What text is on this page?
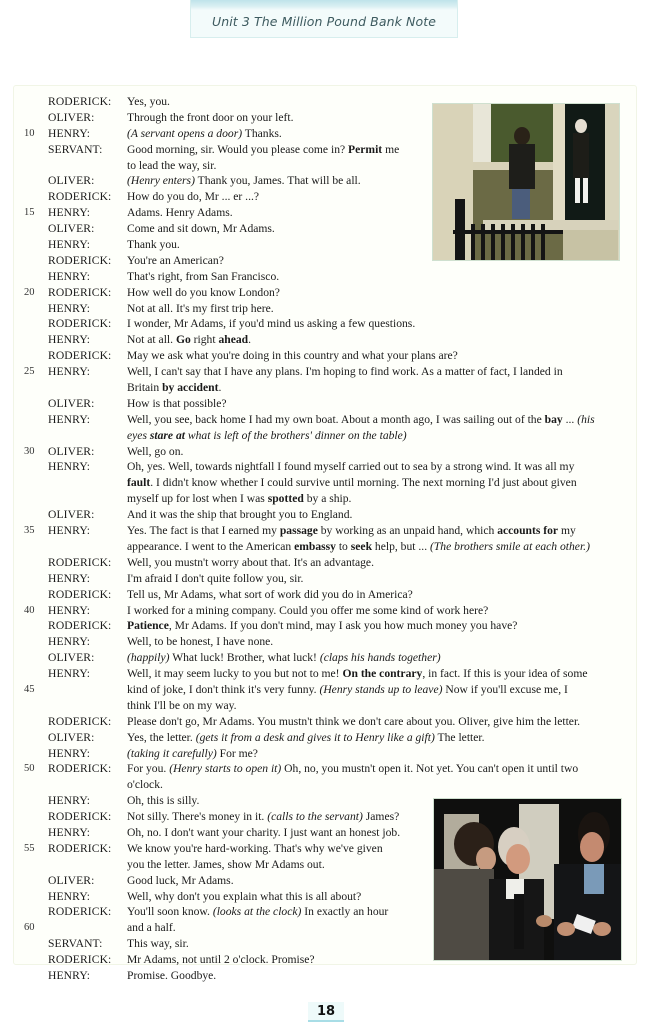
Unit 3 The Million Pound Bank Note
RODERICK:	Yes, you.
OLIVER:	Through the front door on your left.
10	HENRY:	(A servant opens a door) Thanks.
SERVANT:	Good morning, sir. Would you please come in? Permit me
to lead the way, sir.
OLIVER:	(Henry enters) Thank you, James. That will be all.
RODERICK:	How do you do, Mr ... er ...?
15	HENRY:	Adams. Henry Adams.
OLIVER:	Come and sit down, Mr Adams.
HENRY:	Thank you.
RODERICK:	You're an American?
HENRY:	That's right, from San Francisco.
20	RODERICK:	How well do you know London?
HENRY:	Not at all. It's my first trip here.
RODERICK:	I wonder, Mr Adams, if you'd mind us asking a few questions.
HENRY:	Not at all. Go right ahead.
RODERICK:	May we ask what you're doing in this country and what your plans are?
25	HENRY:	Well, I can't say that I have any plans. I'm hoping to find work. As a matter of fact, I landed in
Britain by accident.
OLIVER:	How is that possible?
HENRY:	Well, you see, back home I had my own boat. About a month ago, I was sailing out of the bay ... (his
eyes stare at what is left of the brothers' dinner on the table)
30	OLIVER:	Well, go on.
HENRY:	Oh, yes. Well, towards nightfall I found myself carried out to sea by a strong wind. It was all my
fault. I didn't know whether I could survive until morning. The next morning I'd just about given
myself up for lost when I was spotted by a ship.
OLIVER:	And it was the ship that brought you to England.
35	HENRY:	Yes. The fact is that I earned my passage by working as an unpaid hand, which accounts for my
appearance. I went to the American embassy to seek help, but ... (The brothers smile at each other.)
RODERICK:	Well, you mustn't worry about that. It's an advantage.
HENRY:	I'm afraid I don't quite follow you, sir.
RODERICK:	Tell us, Mr Adams, what sort of work did you do in America?
40	HENRY:	I worked for a mining company. Could you offer me some kind of work here?
RODERICK:	Patience, Mr Adams. If you don't mind, may I ask you how much money you have?
HENRY:	Well, to be honest, I have none.
OLIVER:	(happily) What luck! Brother, what luck! (claps his hands together)
HENRY:	Well, it may seem lucky to you but not to me! On the contrary, in fact. If this is your idea of some
45	kind of joke, I don't think it's very funny. (Henry stands up to leave) Now if you'll excuse me, I
think I'll be on my way.
RODERICK:	Please don't go, Mr Adams. You mustn't think we don't care about you. Oliver, give him the letter.
OLIVER:	Yes, the letter. (gets it from a desk and gives it to Henry like a gift) The letter.
HENRY:	(taking it carefully) For me?
50	RODERICK:	For you. (Henry starts to open it) Oh, no, you mustn't open it. Not yet. You can't open it until two
o'clock.
HENRY:	Oh, this is silly.
RODERICK:	Not silly. There's money in it. (calls to the servant) James?
HENRY:	Oh, no. I don't want your charity. I just want an honest job.
55	RODERICK:	We know you're hard-working. That's why we've given
you the letter. James, show Mr Adams out.
OLIVER:	Good luck, Mr Adams.
HENRY:	Well, why don't you explain what this is all about?
RODERICK:	You'll soon know. (looks at the clock) In exactly an hour
60	and a half.
SERVANT:	This way, sir.
RODERICK:	Mr Adams, not until 2 o'clock. Promise?
HENRY:	Promise. Goodbye.
18
